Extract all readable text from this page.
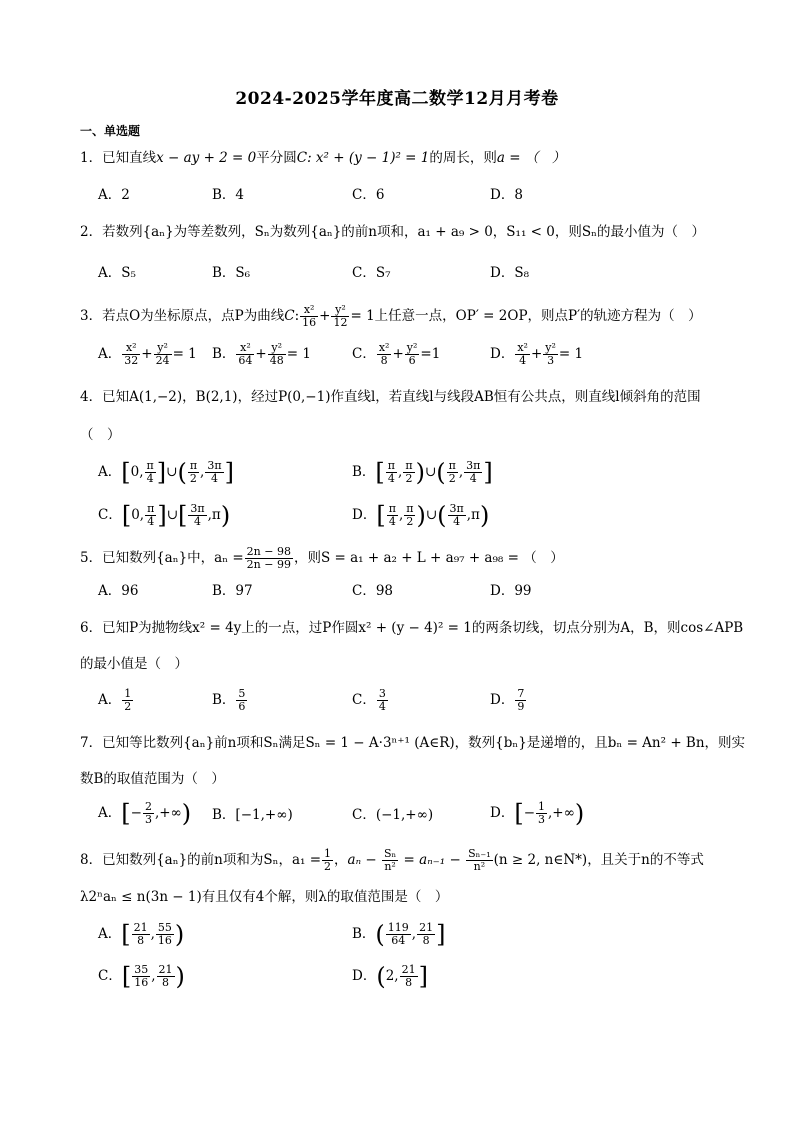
2024-2025学年度高二数学12月月考卷
一、单选题
1．已知直线x − ay + 2 = 0平分圆C: x² + (y − 1)² = 1的周长，则a = （　）
A．2	B．4	C．6	D．8
2．若数列{aₙ}为等差数列，Sₙ为数列{aₙ}的前n项和，a₁ + a₉ > 0，S₁₁ < 0，则Sₙ的最小值为（　）
A．S₅	B．S₆	C．S₇	D．S₈
3．若点O为坐标原点，点P为曲线C: $\frac{\text{x²}}{16} + \frac{\text{y²}}{12} = 1$上任意一点，OP′ = 2OP，则点P′的轨迹方程为（　）
A． $\frac{\text{x²}}{32} + \frac{\text{y²}}{24} = 1$ B． $\frac{\text{x²}}{64} + \frac{\text{y²}}{48} = 1$	C． $\frac{\text{x²}}{8} + \frac{\text{y²}}{6} =1$	D． $\frac{\text{x²}}{4} + \frac{\text{y²}}{3} = 1$
4．已知A(1,−2)，B(2,1)，经过P(0,−1)作直线l，若直线l与线段AB恒有公共点，则直线l倾斜角的范围
（　）
A．[0, $\frac{\pi}{4}$ ]∪( $\frac{\pi}{2}$ , $\frac{3\pi}{4}$ ]	B．[ $\frac{\pi}{4}$ , $\frac{\pi}{2}$ )∪( $\frac{\pi}{2}$ , $\frac{3\pi}{4}$ ]
C．[0, $\frac{\pi}{4}$ ]∪[ $\frac{3\pi}{4} ,\pi$)	D．[ $\frac{\pi}{4}$ , $\frac{\pi}{2}$ )∪( $\frac{3\pi}{4} ,\pi$)
5．已知数列{aₙ}中，$a_n = \frac{2n - 98}{2n - 99}$ ，则S = a₁ + a₂ + L + a₉₇ + a₉₈ = （　）
A．96	B．97	C．98	D．99
6．已知P为抛物线x² = 4y上的一点，过P作圆x² + (y − 4)² = 1的两条切线，切点分别为A，B，则cos∠APB
的最小值是（　）
A． $\frac{1}{2}$	B． $\frac{5}{6}$	C． $\frac{3}{4}$	D． $\frac{7}{9}$
7．已知等比数列{aₙ}前n项和Sₙ满足Sₙ = 1 − A·3ⁿ⁺¹ (A∈R)，数列{bₙ}是递增的，且bₙ = An² + Bn，则实
数B的取值范围为（　）
A．[− $\frac{2}{3}$ ,+∞) B．[−1,+∞)	C．(−1,+∞)	D．[− $\frac{1}{3}$ ,+∞)
8．已知数列{aₙ}的前n项和为Sₙ，$a_1 = \frac{1}{2}$ ，$a_n - \frac{\text{Sₙ}}{\text{n²}} = a_{n-1} - \frac{\text{Sₙ₋₁}}{\text{n²}} (n \ge 2$, n∈N*)，且关于n的不等式
λ2ⁿaₙ ≤ n(3n − 1)有且仅有4个解，则λ的取值范围是（　）
A．[ $\frac{21}{8}$ , $\frac{55}{16}$ )	B．( $\frac{119}{64}$ , $\frac{21}{8}$ ]
C．[ $\frac{35}{16}$ , $\frac{21}{8}$ )	D．(2, $\frac{21}{8}$ ]
